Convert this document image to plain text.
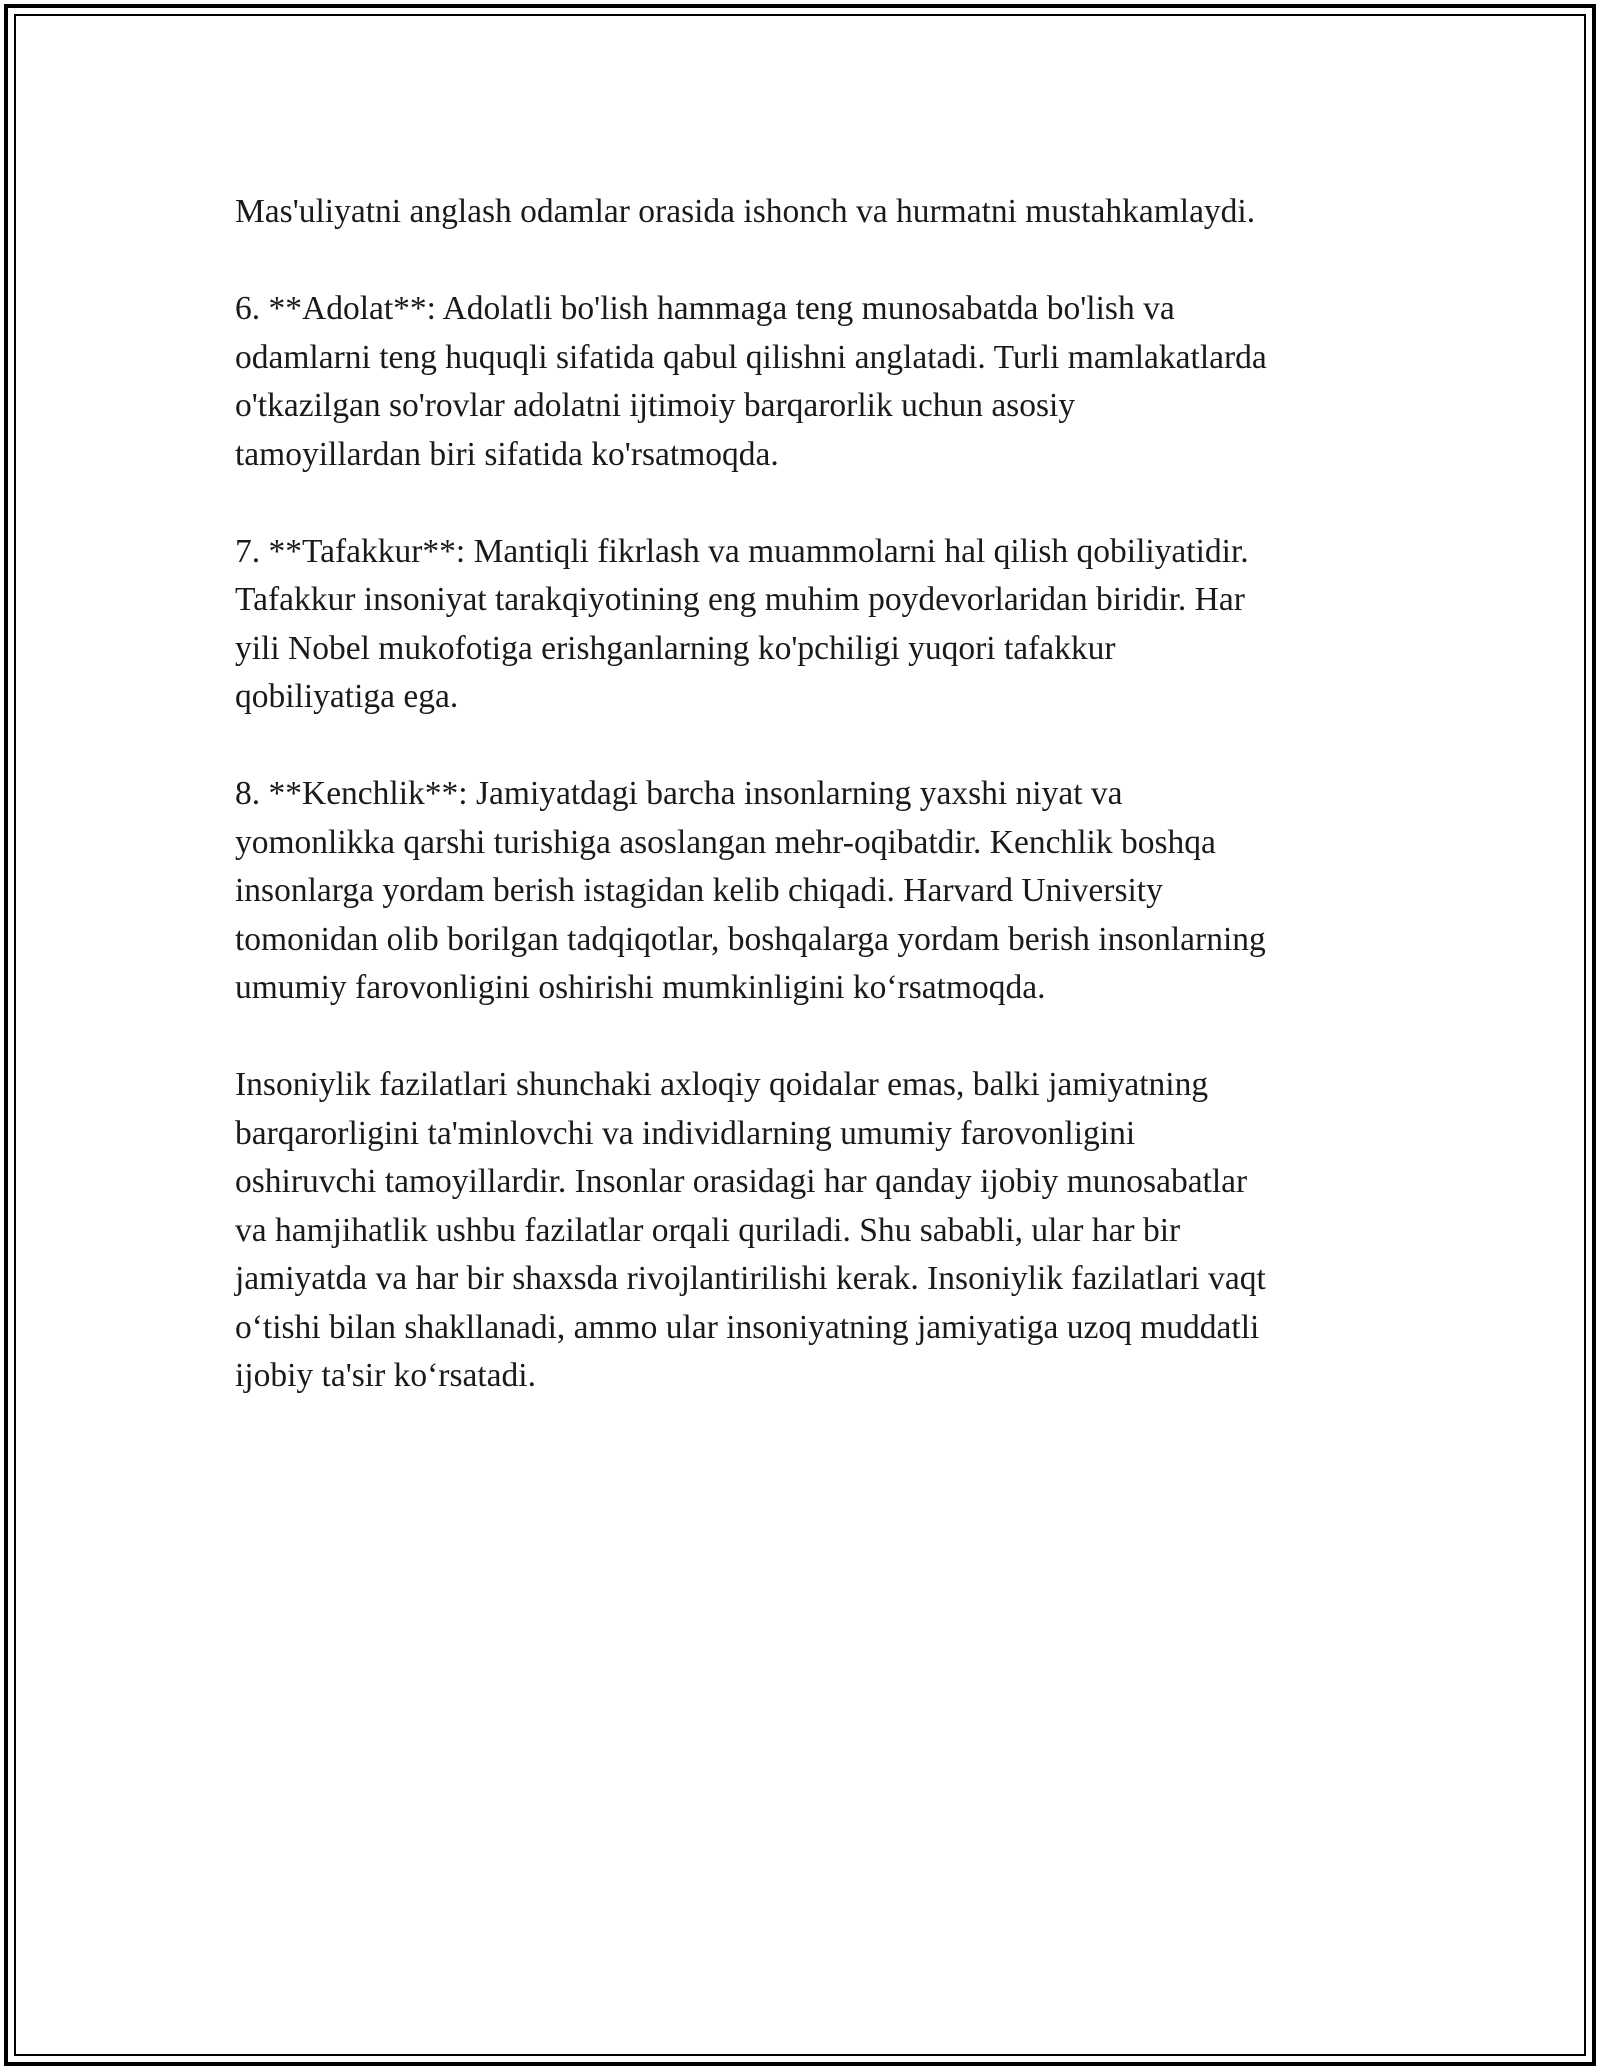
Mas'uliyatni anglash odamlar orasida ishonch va hurmatni mustahkamlaydi.

6. **Adolat**: Adolatli bo'lish hammaga teng munosabatda bo'lish va
odamlarni teng huquqli sifatida qabul qilishni anglatadi. Turli mamlakatlarda
o'tkazilgan so'rovlar adolatni ijtimoiy barqarorlik uchun asosiy
tamoyillardan biri sifatida ko'rsatmoqda.

7. **Tafakkur**: Mantiqli fikrlash va muammolarni hal qilish qobiliyatidir.
Tafakkur insoniyat tarakqiyotining eng muhim poydevorlaridan biridir. Har
yili Nobel mukofotiga erishganlarning ko'pchiligi yuqori tafakkur
qobiliyatiga ega.

8. **Kenchlik**: Jamiyatdagi barcha insonlarning yaxshi niyat va
yomonlikka qarshi turishiga asoslangan mehr-oqibatdir. Kenchlik boshqa
insonlarga yordam berish istagidan kelib chiqadi. Harvard University
tomonidan olib borilgan tadqiqotlar, boshqalarga yordam berish insonlarning
umumiy farovonligini oshirishi mumkinligini ko‘rsatmoqda.

Insoniylik fazilatlari shunchaki axloqiy qoidalar emas, balki jamiyatning
barqarorligini ta'minlovchi va individlarning umumiy farovonligini
oshiruvchi tamoyillardir. Insonlar orasidagi har qanday ijobiy munosabatlar
va hamjihatlik ushbu fazilatlar orqali quriladi. Shu sababli, ular har bir
jamiyatda va har bir shaxsda rivojlantirilishi kerak. Insoniylik fazilatlari vaqt
o‘tishi bilan shakllanadi, ammo ular insoniyatning jamiyatiga uzoq muddatli
ijobiy ta'sir ko‘rsatadi.
